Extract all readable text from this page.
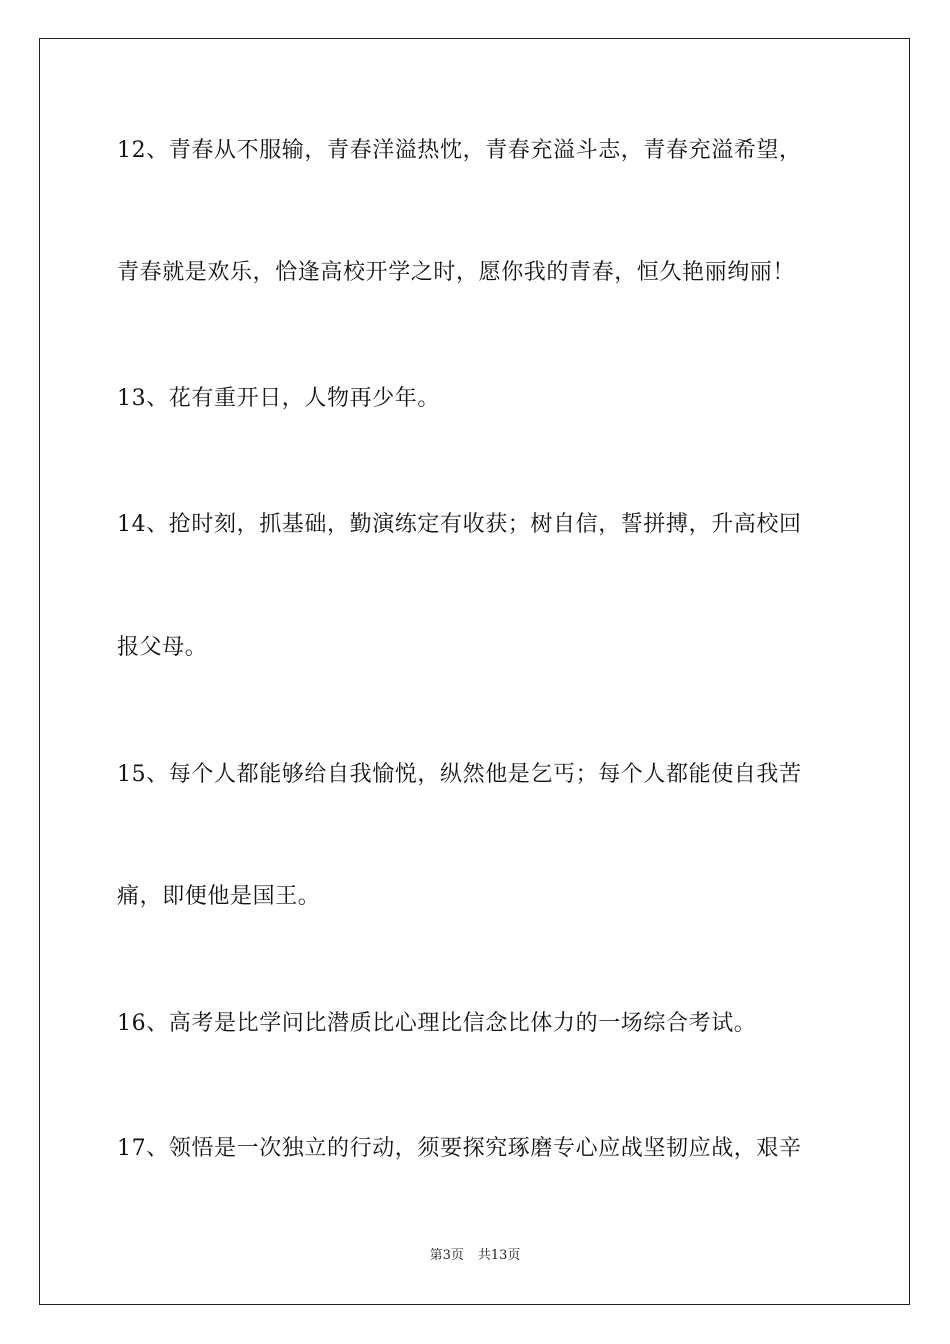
12、青春从不服输，青春洋溢热忱，青春充溢斗志，青春充溢希望，
青春就是欢乐，恰逢高校开学之时，愿你我的青春，恒久艳丽绚丽！
13、花有重开日，人物再少年。
14、抢时刻，抓基础，勤演练定有收获；树自信，誓拼搏，升高校回
报父母。
15、每个人都能够给自我愉悦，纵然他是乞丐；每个人都能使自我苦
痛，即便他是国王。
16、高考是比学问比潜质比心理比信念比体力的一场综合考试。
17、领悟是一次独立的行动，须要探究琢磨专心应战坚韧应战，艰辛
第3页 共13页
